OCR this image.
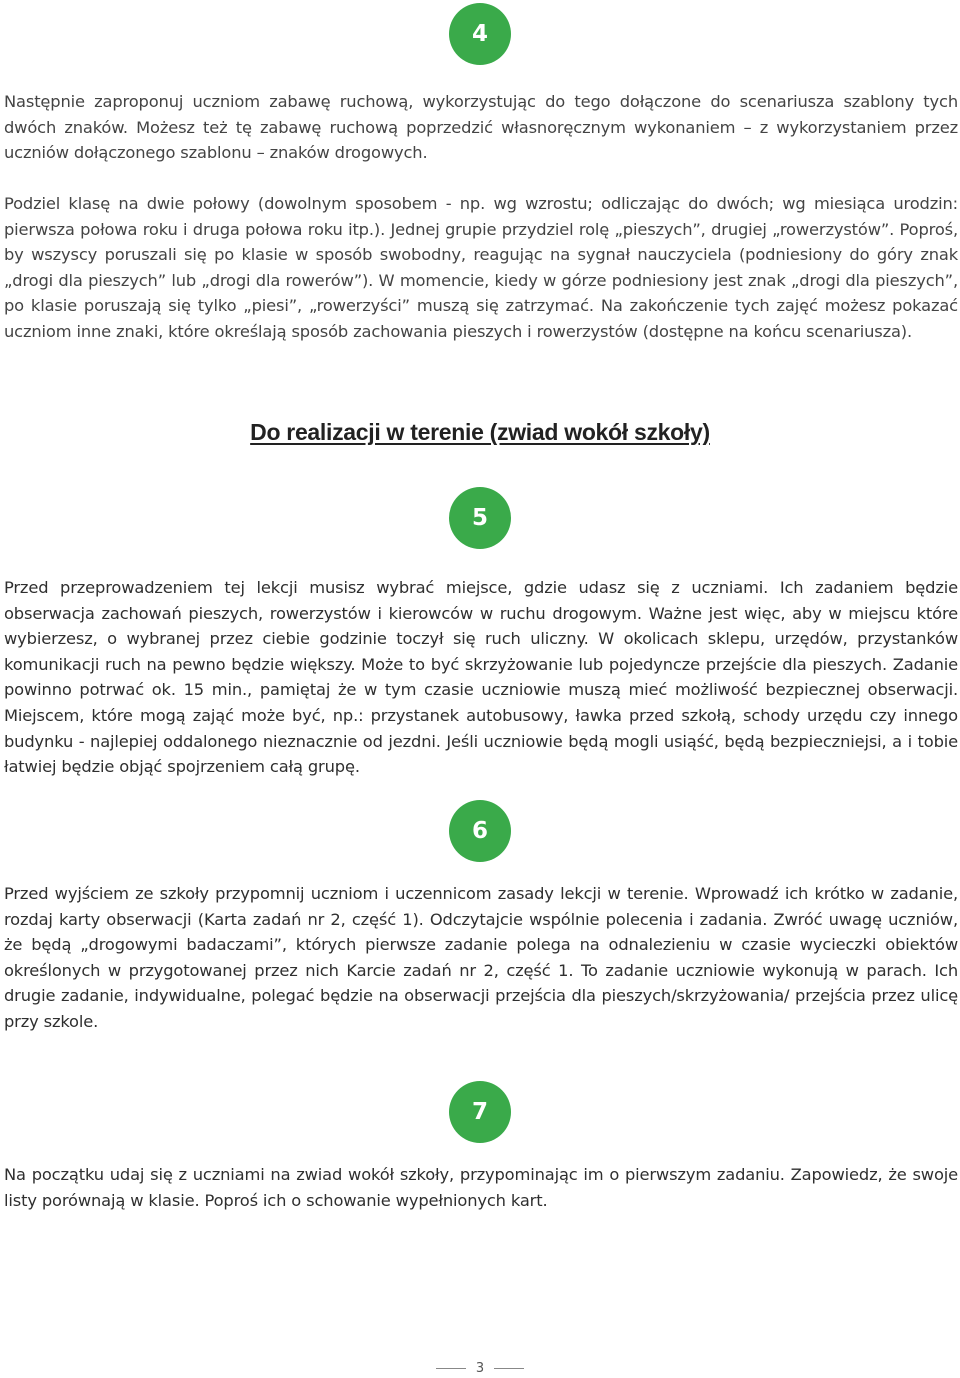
4

Następnie zaproponuj uczniom zabawę ruchową, wykorzystując do tego dołączone do scenariusza szablony tych dwóch znaków. Możesz też tę zabawę ruchową poprzedzić własnoręcznym wykonaniem – z wykorzystaniem przez uczniów dołączonego szablonu – znaków drogowych.

Podziel klasę na dwie połowy (dowolnym sposobem - np. wg wzrostu; odliczając do dwóch; wg miesiąca urodzin: pierwsza połowa roku i druga połowa roku itp.). Jednej grupie przydziel rolę „pieszych”, drugiej „rowerzystów”. Poproś, by wszyscy poruszali się po klasie w sposób swobodny, reagując na sygnał nauczyciela (podniesiony do góry znak „drogi dla pieszych” lub „drogi dla rowerów”). W momencie, kiedy w górze podniesiony jest znak „drogi dla pieszych”, po klasie poruszają się tylko „piesi”, „rowerzyści” muszą się zatrzymać. Na zakończenie tych zajęć możesz pokazać uczniom inne znaki, które określają sposób zachowania pieszych i rowerzystów (dostępne na końcu scenariusza).

Do realizacji w terenie (zwiad wokół szkoły)
5

Przed przeprowadzeniem tej lekcji musisz wybrać miejsce, gdzie udasz się z uczniami. Ich zadaniem będzie obserwacja zachowań pieszych, rowerzystów i kierowców w ruchu drogowym. Ważne jest więc, aby w miejscu które wybierzesz, o wybranej przez ciebie godzinie toczył się ruch uliczny. W okolicach sklepu, urzędów, przystanków komunikacji ruch na pewno będzie większy. Może to być skrzyżowanie lub pojedyncze przejście dla pieszych. Zadanie powinno potrwać ok. 15 min., pamiętaj że w tym czasie uczniowie muszą mieć możliwość bezpiecznej obserwacji. Miejscem, które mogą zająć może być, np.: przystanek autobusowy, ławka przed szkołą, schody urzędu czy innego budynku - najlepiej oddalonego nieznacznie od jezdni. Jeśli uczniowie będą mogli usiąść, będą bezpieczniejsi, a i tobie łatwiej będzie objąć spojrzeniem całą grupę.

6

Przed wyjściem ze szkoły przypomnij uczniom i uczennicom zasady lekcji w terenie. Wprowadź ich krótko w zadanie, rozdaj karty obserwacji (Karta zadań nr 2, część 1). Odczytajcie wspólnie polecenia i zadania. Zwróć uwagę uczniów, że będą „drogowymi badaczami”, których pierwsze zadanie polega na odnalezieniu w czasie wycieczki obiektów określonych w przygotowanej przez nich Karcie zadań nr 2, część 1. To zadanie uczniowie wykonują w parach. Ich drugie zadanie, indywidualne, polegać będzie na obserwacji przejścia dla pieszych/skrzyżowania/ przejścia przez ulicę przy szkole.

7

Na początku udaj się z uczniami na zwiad wokół szkoły, przypominając im o pierwszym zadaniu. Zapowiedz, że swoje listy porównają w klasie. Poproś ich o schowanie wypełnionych kart.

3
